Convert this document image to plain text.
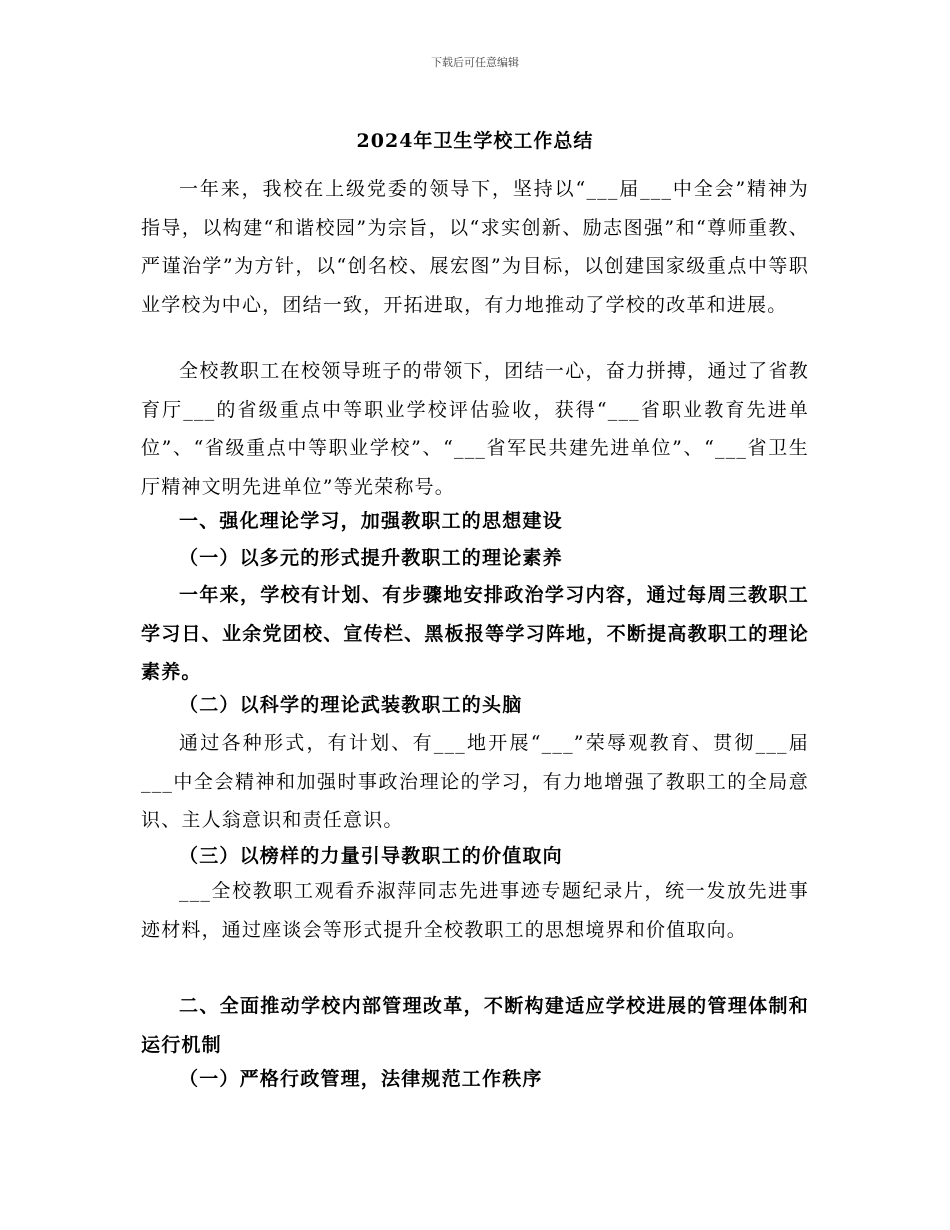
下载后可任意编辑
2024年卫生学校工作总结
一年来，我校在上级党委的领导下，坚持以“___届___中全会”精神为指导，以构建“和谐校园”为宗旨，以“求实创新、励志图强”和“尊师重教、严谨治学”为方针，以“创名校、展宏图”为目标，以创建国家级重点中等职业学校为中心，团结一致，开拓进取，有力地推动了学校的改革和进展。
全校教职工在校领导班子的带领下，团结一心，奋力拼搏，通过了省教育厅___的省级重点中等职业学校评估验收，获得“___省职业教育先进单位”、“省级重点中等职业学校”、“___省军民共建先进单位”、“___省卫生厅精神文明先进单位”等光荣称号。
一、强化理论学习，加强教职工的思想建设
（一）以多元的形式提升教职工的理论素养
一年来，学校有计划、有步骤地安排政治学习内容，通过每周三教职工学习日、业余党团校、宣传栏、黑板报等学习阵地，不断提高教职工的理论素养。
（二）以科学的理论武装教职工的头脑
通过各种形式，有计划、有___地开展“___”荣辱观教育、贯彻___届___中全会精神和加强时事政治理论的学习，有力地增强了教职工的全局意识、主人翁意识和责任意识。
（三）以榜样的力量引导教职工的价值取向
___全校教职工观看乔淑萍同志先进事迹专题纪录片，统一发放先进事迹材料，通过座谈会等形式提升全校教职工的思想境界和价值取向。
二、全面推动学校内部管理改革，不断构建适应学校进展的管理体制和运行机制
（一）严格行政管理，法律规范工作秩序
